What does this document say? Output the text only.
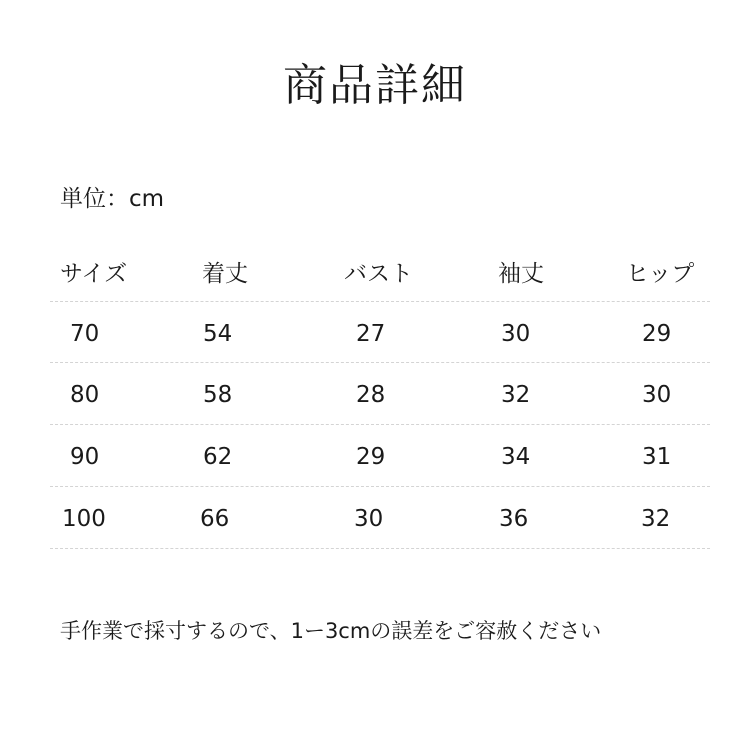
商品詳細
単位：cm
サイズ	着丈	バスト	袖丈	ヒップ
70	54	27	30	29
80	58	28	32	30
90	62	29	34	31
100	66	30	36	32
手作業で採寸するので、1ー3cmの誤差をご容赦ください
